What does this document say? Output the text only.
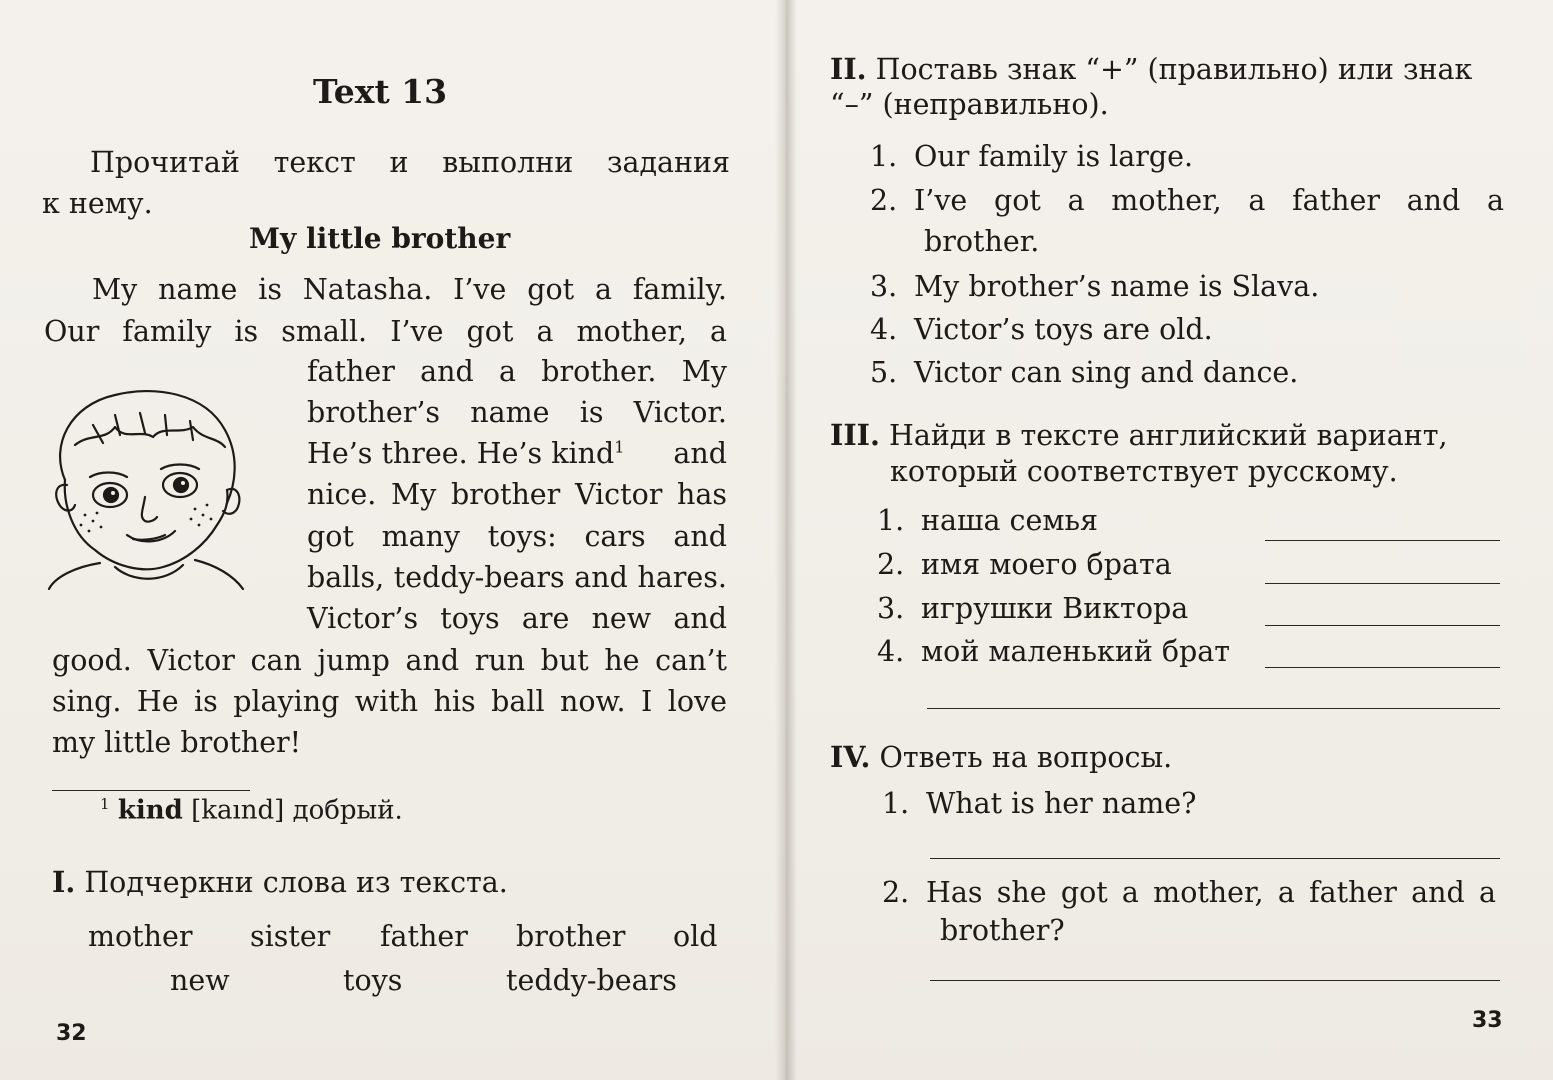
Text 13
Прочитай текст и выполни задания
к нему.
My little brother
My name is Natasha. I’ve got a family.
Our family is small. I’ve got a mother, a
father and a brother. My
brother’s name is Victor.
He’s three. He’s kind$^1$ and
nice. My brother Victor has
got many toys: cars and
balls, teddy-bears and hares.
Victor’s toys are new and
good. Victor can jump and run but he can’t
sing. He is playing with his ball now. I love
my little brother!
$^1$ kind [kaınd] добрый.
I. Подчеркни слова из текста.
mother sister father brother old
new	toys	teddy-bears
32
II. Поставь знак “+” (правильно) или знак
“–” (неправильно).
1. Our family is large.
2. I’ve got a mother, a father and a
brother.
3. My brother’s name is Slava.
4. Victor’s toys are old.
5. Victor can sing and dance.
III. Найди в тексте английский вариант,
который соответствует русскому.
1. наша семья
2. имя моего брата
3. игрушки Виктора
4. мой маленький брат
IV. Ответь на вопросы.
1. What is her name?
2. Has she got a mother, a father and a
brother?
33
